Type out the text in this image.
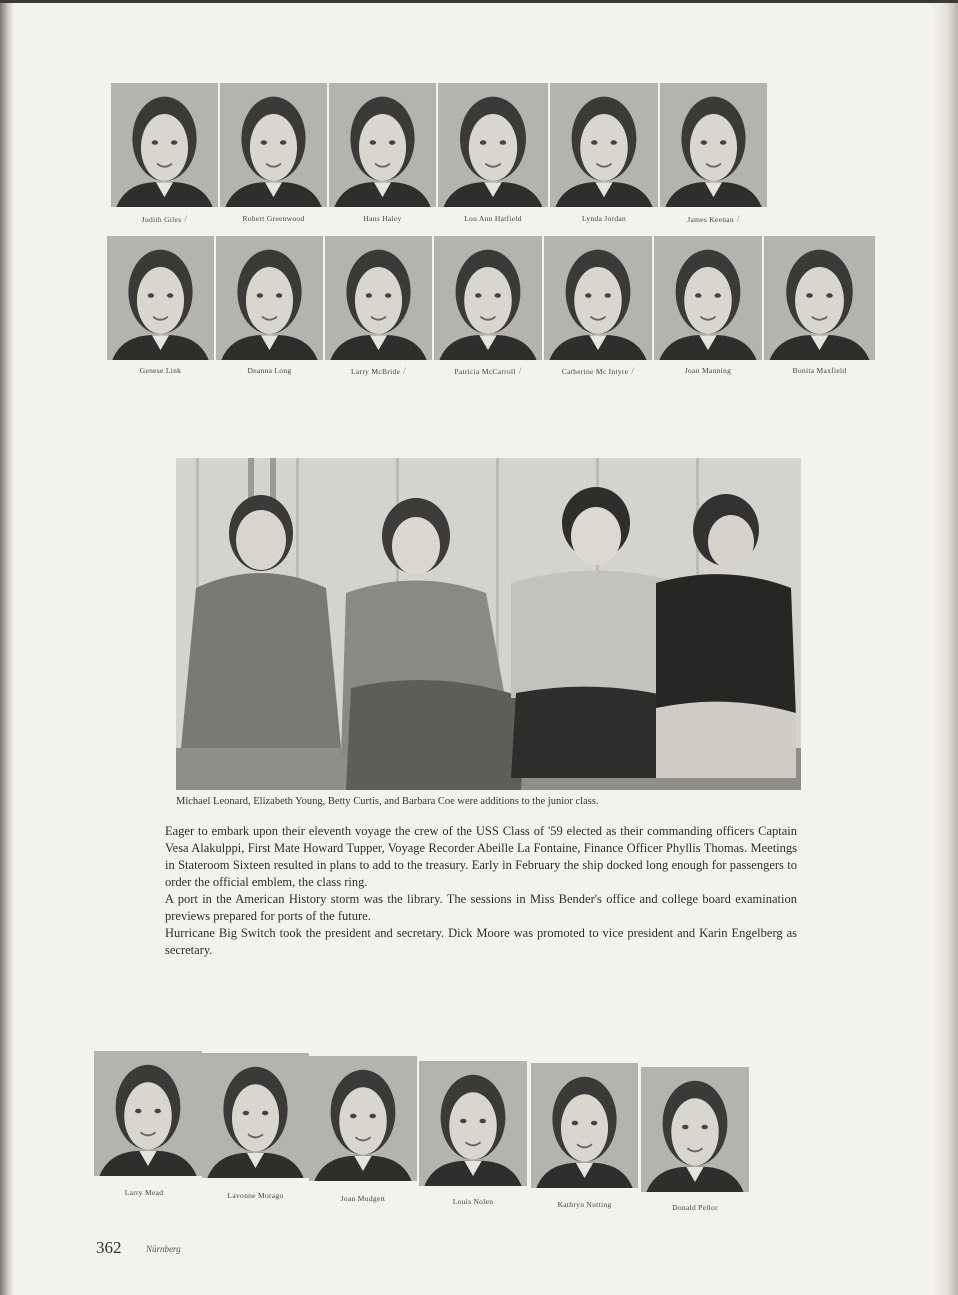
Judith Giles /	Robert Greenwood	Hans Haley	Lou Ann Hatfield	Lynda Jordan	James Keenan /
Genese Link	Deanna Long	Larry McBride /	Patricia McCarroll /	Catherine Mc Intyre /	Joan Manning	Bonita Maxfield
Michael Leonard, Elizabeth Young, Betty Curtis, and Barbara Coe were additions to the junior class.

Eager to embark upon their eleventh voyage the crew of the USS Class of '59 elected as their commanding officers Captain Vesa Alakulppi, First Mate Howard Tupper, Voyage Recorder Abeille La Fontaine, Finance Officer Phyllis Thomas. Meetings in Stateroom Sixteen resulted in plans to add to the treasury. Early in February the ship docked long enough for passengers to order the official emblem, the class ring.

A port in the American History storm was the library. The sessions in Miss Bender's office and college board examination previews prepared for ports of the future.

Hurricane Big Switch took the president and secretary. Dick Moore was promoted to vice president and Karin Engelberg as secretary.

Larry Mead	Lavonne Morago	Joan Mudgett	Louis Nolen	Kathryn Nutting	Donald Pellor
362	Nürnberg
